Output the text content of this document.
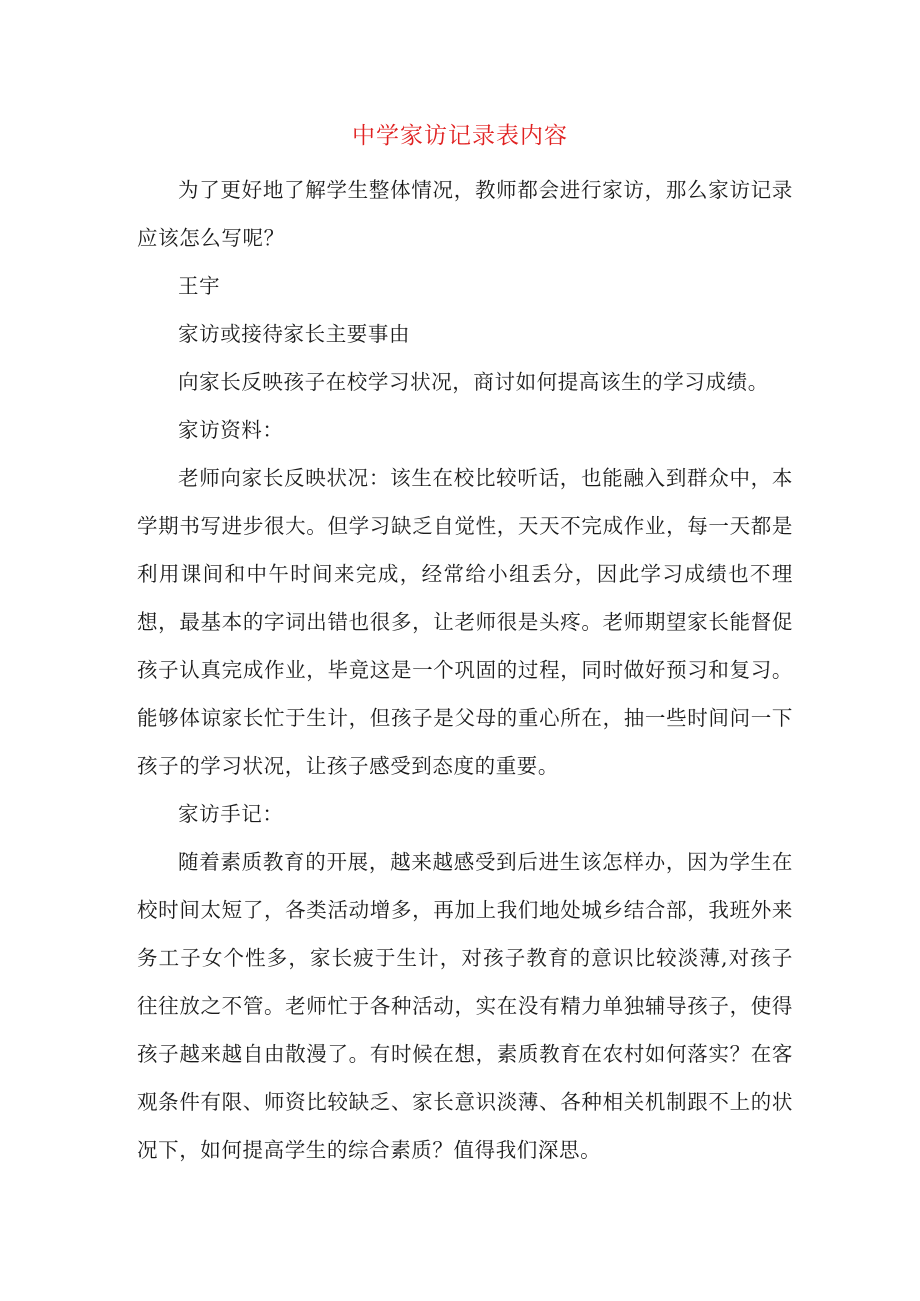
中学家访记录表内容

为了更好地了解学生整体情况，教师都会进行家访，那么家访记录应该怎么写呢？

王宇

家访或接待家长主要事由

向家长反映孩子在校学习状况，商讨如何提高该生的学习成绩。

家访资料：

老师向家长反映状况：该生在校比较听话，也能融入到群众中，本学期书写进步很大。但学习缺乏自觉性，天天不完成作业，每一天都是利用课间和中午时间来完成，经常给小组丢分，因此学习成绩也不理想，最基本的字词出错也很多，让老师很是头疼。老师期望家长能督促孩子认真完成作业，毕竟这是一个巩固的过程，同时做好预习和复习。能够体谅家长忙于生计，但孩子是父母的重心所在，抽一些时间问一下孩子的学习状况，让孩子感受到态度的重要。

家访手记：

随着素质教育的开展，越来越感受到后进生该怎样办，因为学生在校时间太短了，各类活动增多，再加上我们地处城乡结合部，我班外来务工子女个性多，家长疲于生计，对孩子教育的意识比较淡薄,对孩子往往放之不管。老师忙于各种活动，实在没有精力单独辅导孩子，使得孩子越来越自由散漫了。有时候在想，素质教育在农村如何落实？在客观条件有限、师资比较缺乏、家长意识淡薄、各种相关机制跟不上的状况下，如何提高学生的综合素质？值得我们深思。
